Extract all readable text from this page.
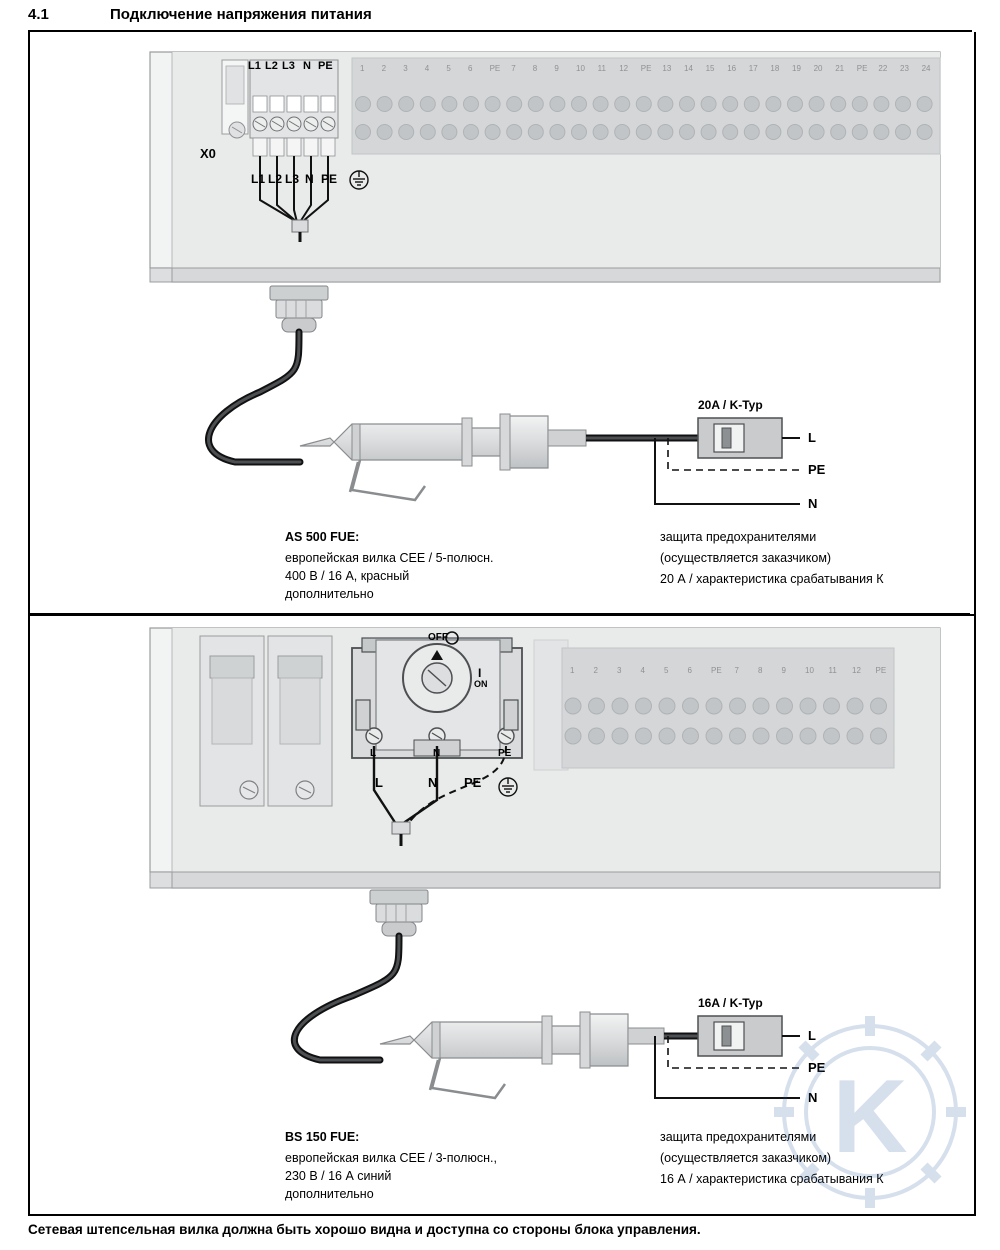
4.1	Подключение напряжения питания
L1 L2 L3 N PE
X0
L1 L2 L3 N PE
1 2 3 4 5 6 PE 7 8 9 10 11 12 PE 13 14 15 16 17 18 19 20 21 PE 22 23 24
20A / K-Typ
L
PE
N
AS 500 FUE:
европейская вилка CEE / 5-полюсн.
400 В / 16 А, красный
дополнительно
защита предохранителями
(осуществляется заказчиком)
20 А / характеристика срабатывания К
OFF
I
ON
L	N	PE
L	N PE
1 2 3 4 5 6 PE 7 8 9 10 11 12 PE
16A / K-Typ
L
PE
N
BS 150 FUE:
европейская вилка CEE / 3-полюсн.,
230 В / 16 А синий
дополнительно
защита предохранителями
(осуществляется заказчиком)
16 А / характеристика срабатывания К
K
Сетевая штепсельная вилка должна быть хорошо видна и доступна со стороны блока управления.
